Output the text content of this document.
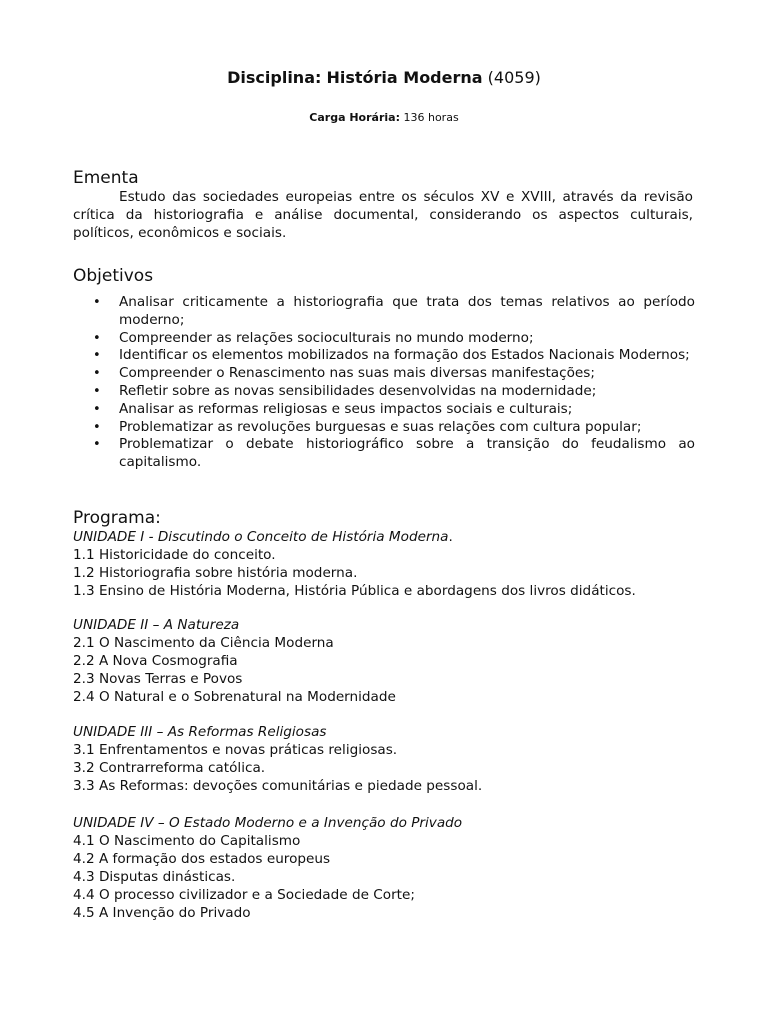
Disciplina: História Moderna (4059)
Carga Horária: 136 horas
Ementa
Estudo das sociedades europeias entre os séculos XV e XVIII, através da revisão crítica da historiografia e análise documental, considerando os aspectos culturais, políticos, econômicos e sociais.
Objetivos
• Analisar criticamente a historiografia que trata dos temas relativos ao período moderno;
• Compreender as relações socioculturais no mundo moderno;
• Identificar os elementos mobilizados na formação dos Estados Nacionais Modernos;
• Compreender o Renascimento nas suas mais diversas manifestações;
• Refletir sobre as novas sensibilidades desenvolvidas na modernidade;
• Analisar as reformas religiosas e seus impactos sociais e culturais;
• Problematizar as revoluções burguesas e suas relações com cultura popular;
• Problematizar o debate historiográfico sobre a transição do feudalismo ao capitalismo.
Programa:
UNIDADE I - Discutindo o Conceito de História Moderna.
1.1 Historicidade do conceito.
1.2 Historiografia sobre história moderna.
1.3 Ensino de História Moderna, História Pública e abordagens dos livros didáticos.
UNIDADE II – A Natureza
2.1 O Nascimento da Ciência Moderna
2.2 A Nova Cosmografia
2.3 Novas Terras e Povos
2.4 O Natural e o Sobrenatural na Modernidade
UNIDADE III – As Reformas Religiosas
3.1 Enfrentamentos e novas práticas religiosas.
3.2 Contrarreforma católica.
3.3 As Reformas: devoções comunitárias e piedade pessoal.
UNIDADE IV – O Estado Moderno e a Invenção do Privado
4.1 O Nascimento do Capitalismo
4.2 A formação dos estados europeus
4.3 Disputas dinásticas.
4.4 O processo civilizador e a Sociedade de Corte;
4.5 A Invenção do Privado
